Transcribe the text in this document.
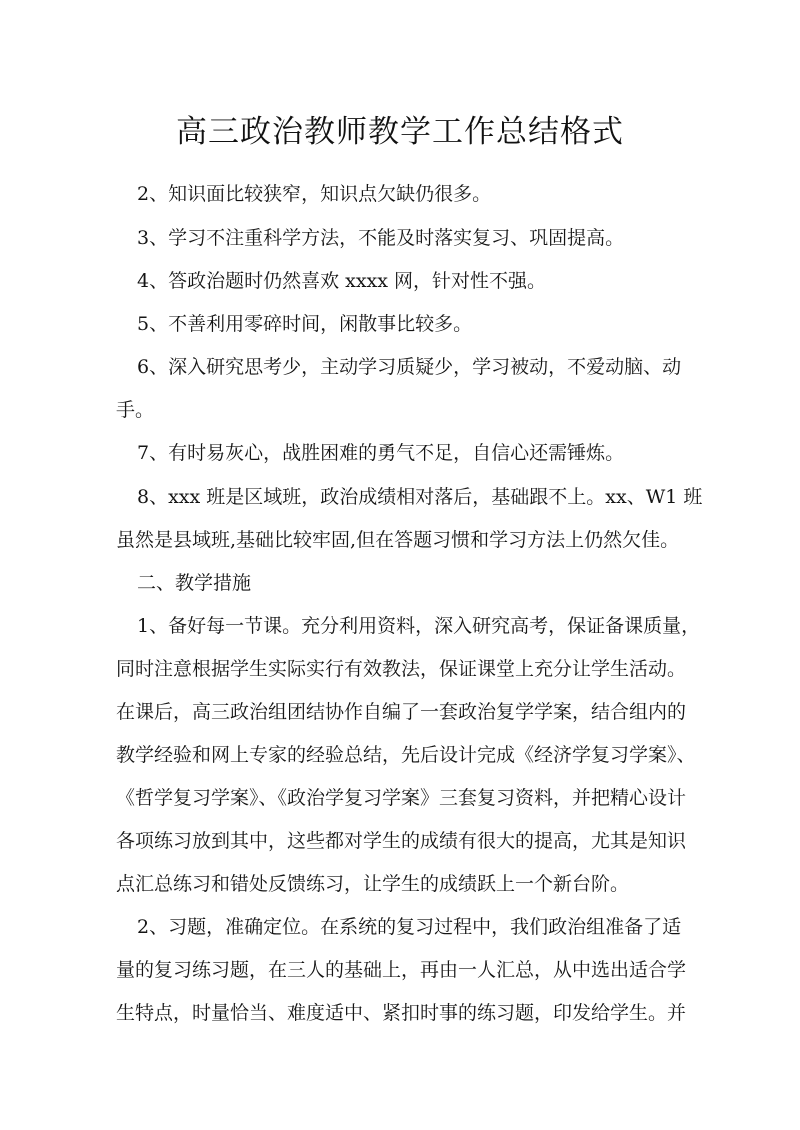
高三政治教师教学工作总结格式
2、知识面比较狭窄，知识点欠缺仍很多。
3、学习不注重科学方法，不能及时落实复习、巩固提高。
4、答政治题时仍然喜欢 xxxx 网，针对性不强。
5、不善利用零碎时间，闲散事比较多。
6、深入研究思考少，主动学习质疑少，学习被动，不爱动脑、动
手。
7、有时易灰心，战胜困难的勇气不足，自信心还需锤炼。
8、xxx 班是区域班，政治成绩相对落后，基础跟不上。xx、W1 班
虽然是县域班,基础比较牢固,但在答题习惯和学习方法上仍然欠佳。
二、教学措施
1、备好每一节课。充分利用资料，深入研究高考，保证备课质量，
同时注意根据学生实际实行有效教法，保证课堂上充分让学生活动。
在课后，高三政治组团结协作自编了一套政治复学学案，结合组内的
教学经验和网上专家的经验总结，先后设计完成《经济学复习学案》、
《哲学复习学案》、《政治学复习学案》三套复习资料，并把精心设计
各项练习放到其中，这些都对学生的成绩有很大的提高，尤其是知识
点汇总练习和错处反馈练习，让学生的成绩跃上一个新台阶。
2、习题，准确定位。在系统的复习过程中，我们政治组准备了适
量的复习练习题，在三人的基础上，再由一人汇总，从中选出适合学
生特点，时量恰当、难度适中、紧扣时事的练习题，印发给学生。并
